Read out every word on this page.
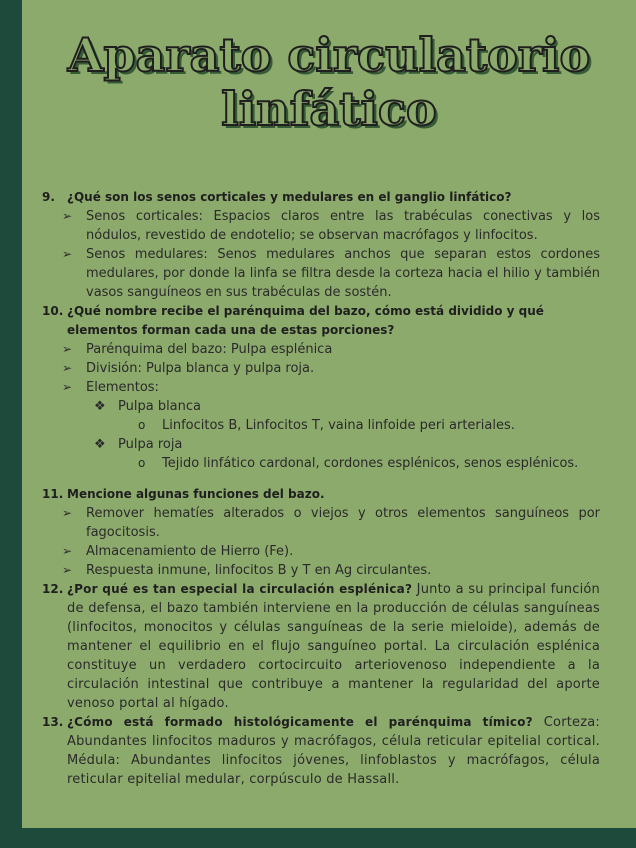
Aparato circulatorio
linfático
9.	¿Qué son los senos corticales y medulares en el ganglio linfático?
➢ Senos corticales: Espacios claros entre las trabéculas conectivas y los nódulos, revestido de endotelio; se observan macrófagos y linfocitos.
➢ Senos medulares: Senos medulares anchos que separan estos cordones medulares, por donde la linfa se filtra desde la corteza hacia el hilio y también vasos sanguíneos en sus trabéculas de sostén.
10. ¿Qué nombre recibe el parénquima del bazo, cómo está dividido y qué elementos forman cada una de estas porciones?
➢ Parénquima del bazo: Pulpa esplénica
➢ División: Pulpa blanca y pulpa roja.
➢ Elementos:
❖ Pulpa blanca
o Linfocitos B, Linfocitos T, vaina linfoide peri arteriales.
❖ Pulpa roja
o Tejido linfático cardonal, cordones esplénicos, senos esplénicos.
11. Mencione algunas funciones del bazo.
➢ Remover hematíes alterados o viejos y otros elementos sanguíneos por fagocitosis.
➢ Almacenamiento de Hierro (Fe).
➢ Respuesta inmune, linfocitos B y T en Ag circulantes.
12. ¿Por qué es tan especial la circulación esplénica? Junto a su principal función de defensa, el bazo también interviene en la producción de células sanguíneas (linfocitos, monocitos y células sanguíneas de la serie mieloide), además de mantener el equilibrio en el flujo sanguíneo portal. La circulación esplénica constituye un verdadero cortocircuito arteriovenoso independiente a la circulación intestinal que contribuye a mantener la regularidad del aporte venoso portal al hígado.
13. ¿Cómo está formado histológicamente el parénquima tímico? Corteza: Abundantes linfocitos maduros y macrófagos, célula reticular epitelial cortical. Médula: Abundantes linfocitos jóvenes, linfoblastos y macrófagos, célula reticular epitelial medular, corpúsculo de Hassall.
